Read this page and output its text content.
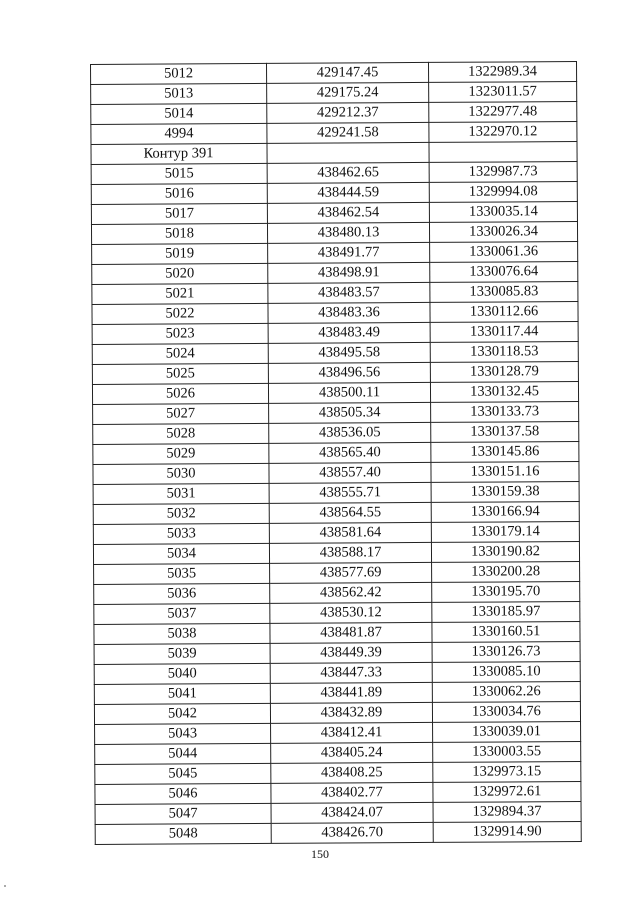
5012	429147.45	1322989.34
5013	429175.24	1323011.57
5014	429212.37	1322977.48
4994	429241.58	1322970.12
Контур 391		
5015	438462.65	1329987.73
5016	438444.59	1329994.08
5017	438462.54	1330035.14
5018	438480.13	1330026.34
5019	438491.77	1330061.36
5020	438498.91	1330076.64
5021	438483.57	1330085.83
5022	438483.36	1330112.66
5023	438483.49	1330117.44
5024	438495.58	1330118.53
5025	438496.56	1330128.79
5026	438500.11	1330132.45
5027	438505.34	1330133.73
5028	438536.05	1330137.58
5029	438565.40	1330145.86
5030	438557.40	1330151.16
5031	438555.71	1330159.38
5032	438564.55	1330166.94
5033	438581.64	1330179.14
5034	438588.17	1330190.82
5035	438577.69	1330200.28
5036	438562.42	1330195.70
5037	438530.12	1330185.97
5038	438481.87	1330160.51
5039	438449.39	1330126.73
5040	438447.33	1330085.10
5041	438441.89	1330062.26
5042	438432.89	1330034.76
5043	438412.41	1330039.01
5044	438405.24	1330003.55
5045	438408.25	1329973.15
5046	438402.77	1329972.61
5047	438424.07	1329894.37
5048	438426.70	1329914.90
150
